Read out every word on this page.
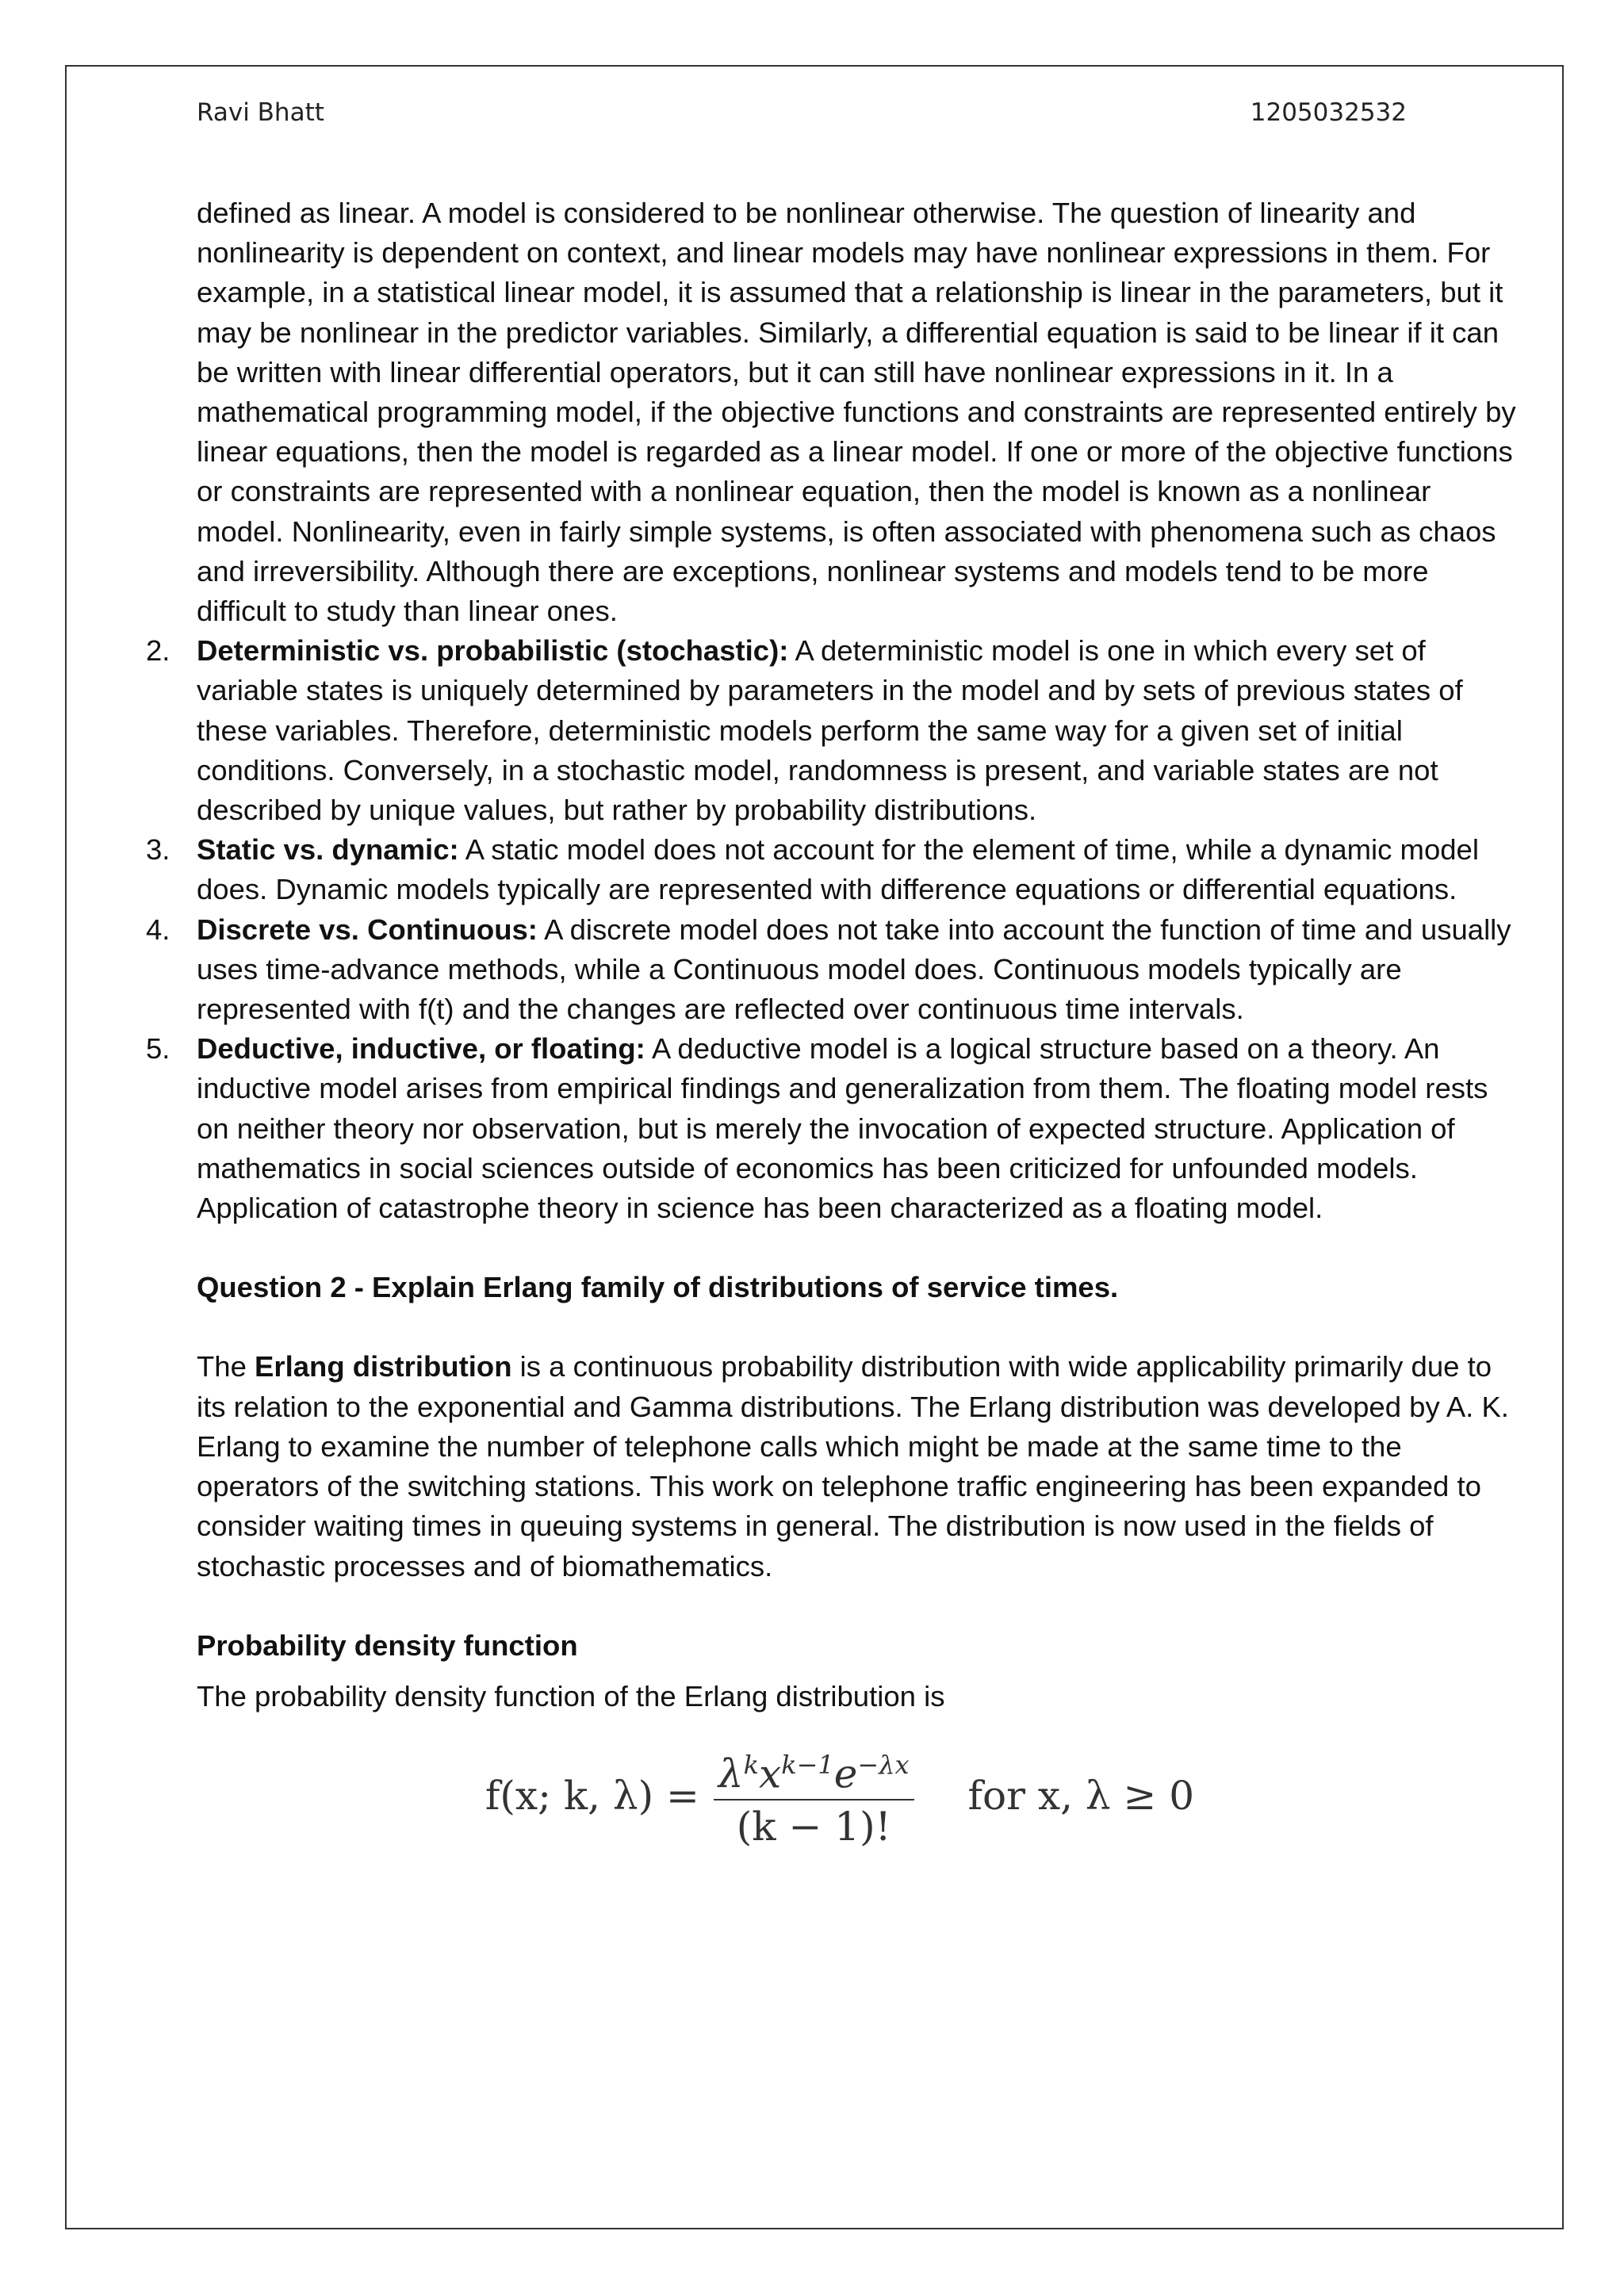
Ravi Bhatt	1205032532

defined as linear. A model is considered to be nonlinear otherwise. The question of linearity and nonlinearity is dependent on context, and linear models may have nonlinear expressions in them. For example, in a statistical linear model, it is assumed that a relationship is linear in the parameters, but it may be nonlinear in the predictor variables. Similarly, a differential equation is said to be linear if it can be written with linear differential operators, but it can still have nonlinear expressions in it. In a mathematical programming model, if the objective functions and constraints are represented entirely by linear equations, then the model is regarded as a linear model. If one or more of the objective functions or constraints are represented with a nonlinear equation, then the model is known as a nonlinear model. Nonlinearity, even in fairly simple systems, is often associated with phenomena such as chaos and irreversibility. Although there are exceptions, nonlinear systems and models tend to be more difficult to study than linear ones.

2. Deterministic vs. probabilistic (stochastic): A deterministic model is one in which every set of variable states is uniquely determined by parameters in the model and by sets of previous states of these variables. Therefore, deterministic models perform the same way for a given set of initial conditions. Conversely, in a stochastic model, randomness is present, and variable states are not described by unique values, but rather by probability distributions.
3. Static vs. dynamic: A static model does not account for the element of time, while a dynamic model does. Dynamic models typically are represented with difference equations or differential equations.
4. Discrete vs. Continuous: A discrete model does not take into account the function of time and usually uses time-advance methods, while a Continuous model does. Continuous models typically are represented with f(t) and the changes are reflected over continuous time intervals.
5. Deductive, inductive, or floating: A deductive model is a logical structure based on a theory. An inductive model arises from empirical findings and generalization from them. The floating model rests on neither theory nor observation, but is merely the invocation of expected structure. Application of mathematics in social sciences outside of economics has been criticized for unfounded models. Application of catastrophe theory in science has been characterized as a floating model.
Question 2 - Explain Erlang family of distributions of service times.

The Erlang distribution is a continuous probability distribution with wide applicability primarily due to its relation to the exponential and Gamma distributions. The Erlang distribution was developed by A. K. Erlang to examine the number of telephone calls which might be made at the same time to the operators of the switching stations. This work on telephone traffic engineering has been expanded to consider waiting times in queuing systems in general. The distribution is now used in the fields of stochastic processes and of biomathematics.

Probability density function

The probability density function of the Erlang distribution is

f(x; k, $\lambda) = \frac{\lambda^kx^{k-1}e^{-\lambda x}}{(k - 1)!}$ for x, λ ≥ 0
